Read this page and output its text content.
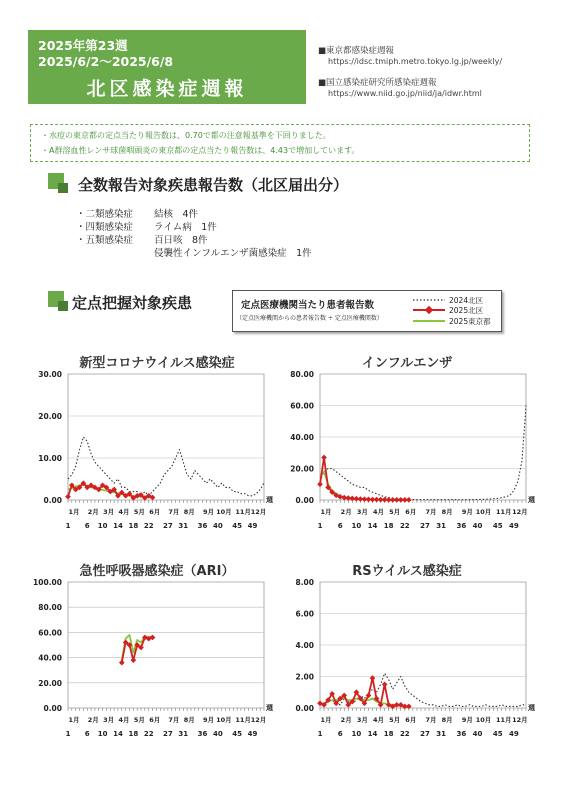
2025年第23週
2025/6/2～2025/6/8
北区感染症週報
■東京都感染症週報
https://idsc.tmiph.metro.tokyo.lg.jp/weekly/
■国立感染症研究所感染症週報
https://www.niid.go.jp/niid/ja/idwr.html
・水痘の東京都の定点当たり報告数は、0.70で都の注意報基準を下回りました。
・A群溶血性レンサ球菌咽頭炎の東京都の定点当たり報告数は、4.43で増加しています。
全数報告対象疾患報告数（北区届出分）
・二類感染症 結核　4件
・四類感染症 ライム病　1件
・五類感染症 百日咳　8件
侵襲性インフルエンザ菌感染症　1件
定点把握対象疾患	定点医療機関当たり患者報告数
（定点医療機関からの患者報告数 ÷ 定点医療機関数）
2024北区
2025北区
2025東京都
新型コロナウイルス感染症	インフルエンザ
急性呼吸器感染症（ARI）	RSウイルス感染症
0.00
10.00
20.00
30.00
1月 2月 3月 4月 5月 6月 7月 8月 9月 10月 11月 12月
1 6 10 14 18 22 27 31 36 40 45 49
週	0.00
20.00
40.00
60.00
80.00
1月 2月 3月 4月 5月 6月 7月 8月 9月 10月 11月 12月
1 6 10 14 18 22 27 31 36 40 45 49
週
0.00
20.00
40.00
60.00
80.00
100.00
1月 2月 3月 4月 5月 6月 7月 8月 9月 10月 11月 12月
1 6 10 14 18 22 27 31 36 40 45 49
週	0.00
2.00
4.00
6.00
8.00
1月 2月 3月 4月 5月 6月 7月 8月 9月 10月 11月 12月
1 6 10 14 18 22 27 31 36 40 45 49
週
